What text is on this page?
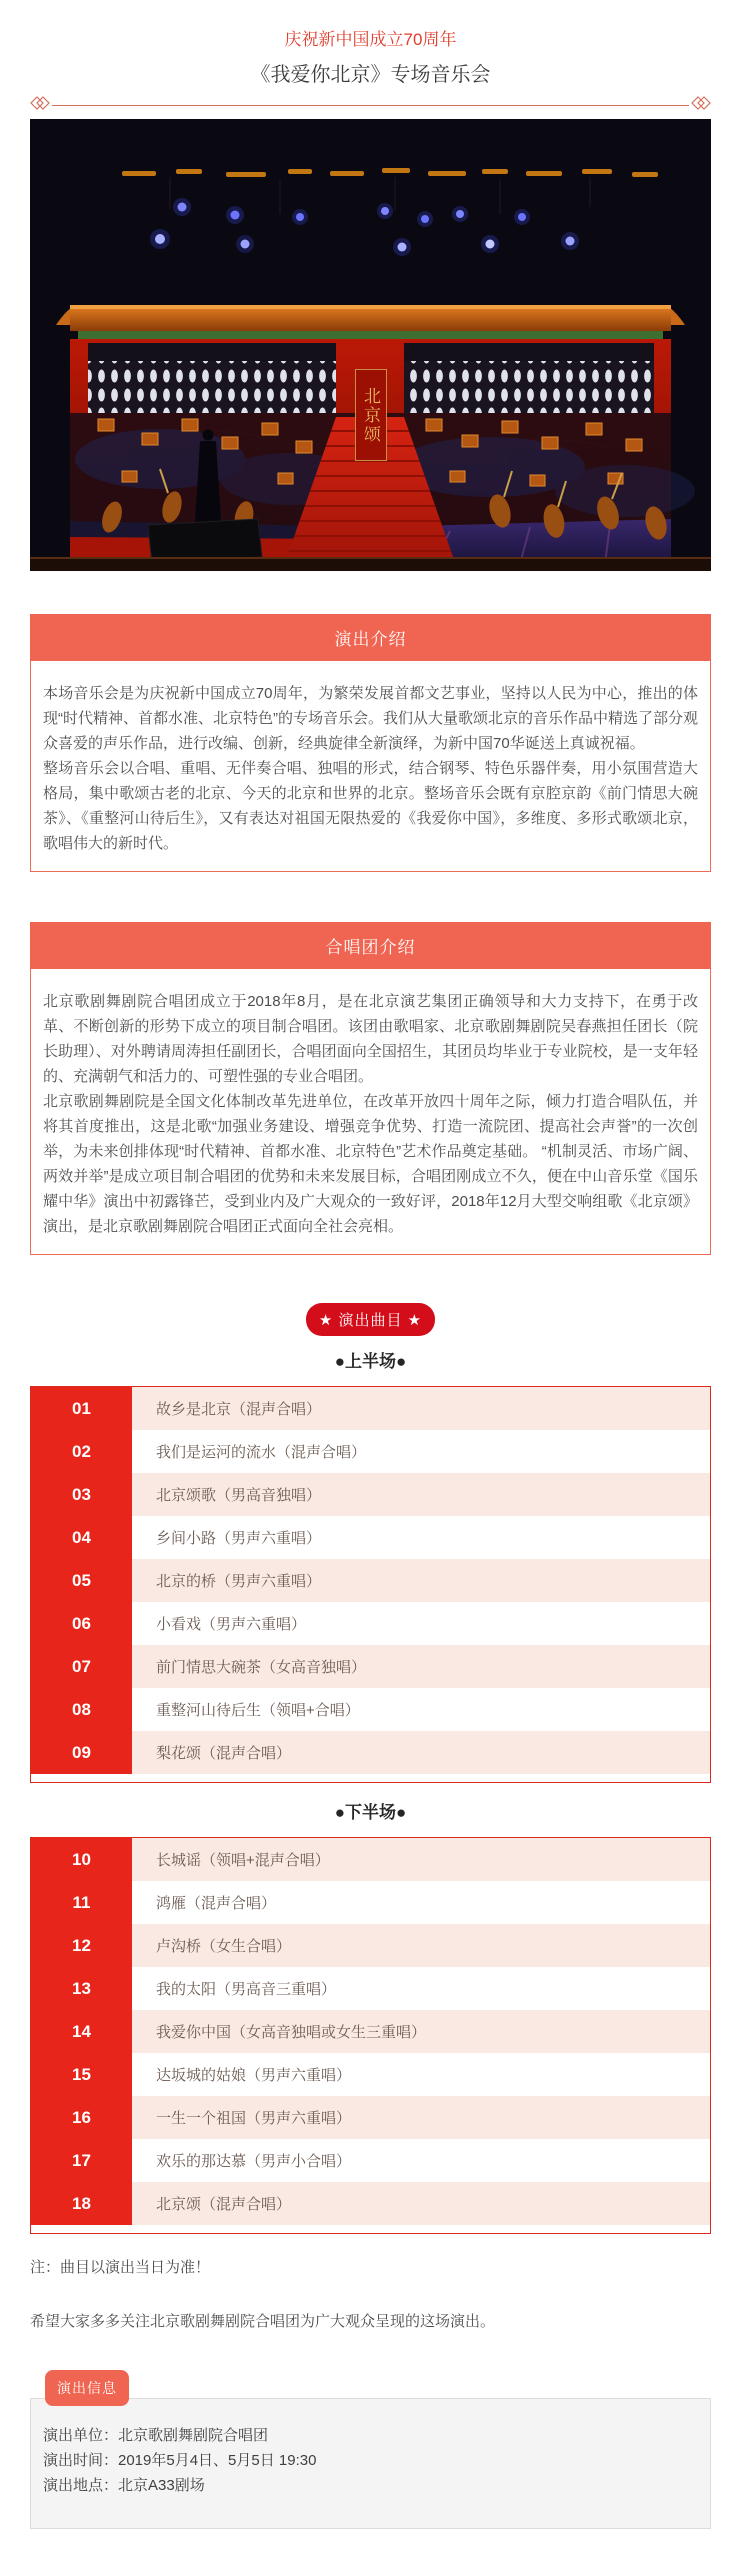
庆祝新中国成立70周年
《我爱你北京》专场音乐会
北京颂
演出介绍

本场音乐会是为庆祝新中国成立70周年，为繁荣发展首都文艺事业，坚持以人民为中心，推出的体现“时代精神、首都水准、北京特色”的专场音乐会。我们从大量歌颂北京的音乐作品中精选了部分观众喜爱的声乐作品，进行改编、创新，经典旋律全新演绎，为新中国70华诞送上真诚祝福。

整场音乐会以合唱、重唱、无伴奏合唱、独唱的形式，结合钢琴、特色乐器伴奏，用小氛围营造大格局，集中歌颂古老的北京、今天的北京和世界的北京。整场音乐会既有京腔京韵《前门情思大碗茶》、《重整河山待后生》，又有表达对祖国无限热爱的《我爱你中国》，多维度、多形式歌颂北京，歌唱伟大的新时代。

合唱团介绍

北京歌剧舞剧院合唱团成立于2018年8月，是在北京演艺集团正确领导和大力支持下，在勇于改革、不断创新的形势下成立的项目制合唱团。该团由歌唱家、北京歌剧舞剧院吴春燕担任团长（院长助理）、对外聘请周涛担任副团长，合唱团面向全国招生，其团员均毕业于专业院校，是一支年轻的、充满朝气和活力的、可塑性强的专业合唱团。

北京歌剧舞剧院是全国文化体制改革先进单位，在改革开放四十周年之际，倾力打造合唱队伍，并将其首度推出，这是北歌“加强业务建设、增强竞争优势、打造一流院团、提高社会声誉”的一次创举，为未来创排体现“时代精神、首都水准、北京特色”艺术作品奠定基础。 “机制灵活、市场广阔、两效并举”是成立项目制合唱团的优势和未来发展目标，合唱团刚成立不久，便在中山音乐堂《国乐耀中华》演出中初露锋芒，受到业内及广大观众的一致好评，2018年12月大型交响组歌《北京颂》演出，是北京歌剧舞剧院合唱团正式面向全社会亮相。

★ 演出曲目 ★
●上半场●
01	故乡是北京（混声合唱）
02	我们是运河的流水（混声合唱）
03	北京颂歌（男高音独唱）
04	乡间小路（男声六重唱）
05	北京的桥（男声六重唱）
06	小看戏（男声六重唱）
07	前门情思大碗茶（女高音独唱）
08	重整河山待后生（领唱+合唱）
09	梨花颂（混声合唱）
●下半场●
10	长城谣（领唱+混声合唱）
11	鸿雁（混声合唱）
12	卢沟桥（女生合唱）
13	我的太阳（男高音三重唱）
14	我爱你中国（女高音独唱或女生三重唱）
15	达坂城的姑娘（男声六重唱）
16	一生一个祖国（男声六重唱）
17	欢乐的那达慕（男声小合唱）
18	北京颂（混声合唱）
注：曲目以演出当日为准！
希望大家多多关注北京歌剧舞剧院合唱团为广大观众呈现的这场演出。
演出信息
演出单位：北京歌剧舞剧院合唱团
演出时间：2019年5月4日、5月5日 19:30
演出地点：北京A33剧场
